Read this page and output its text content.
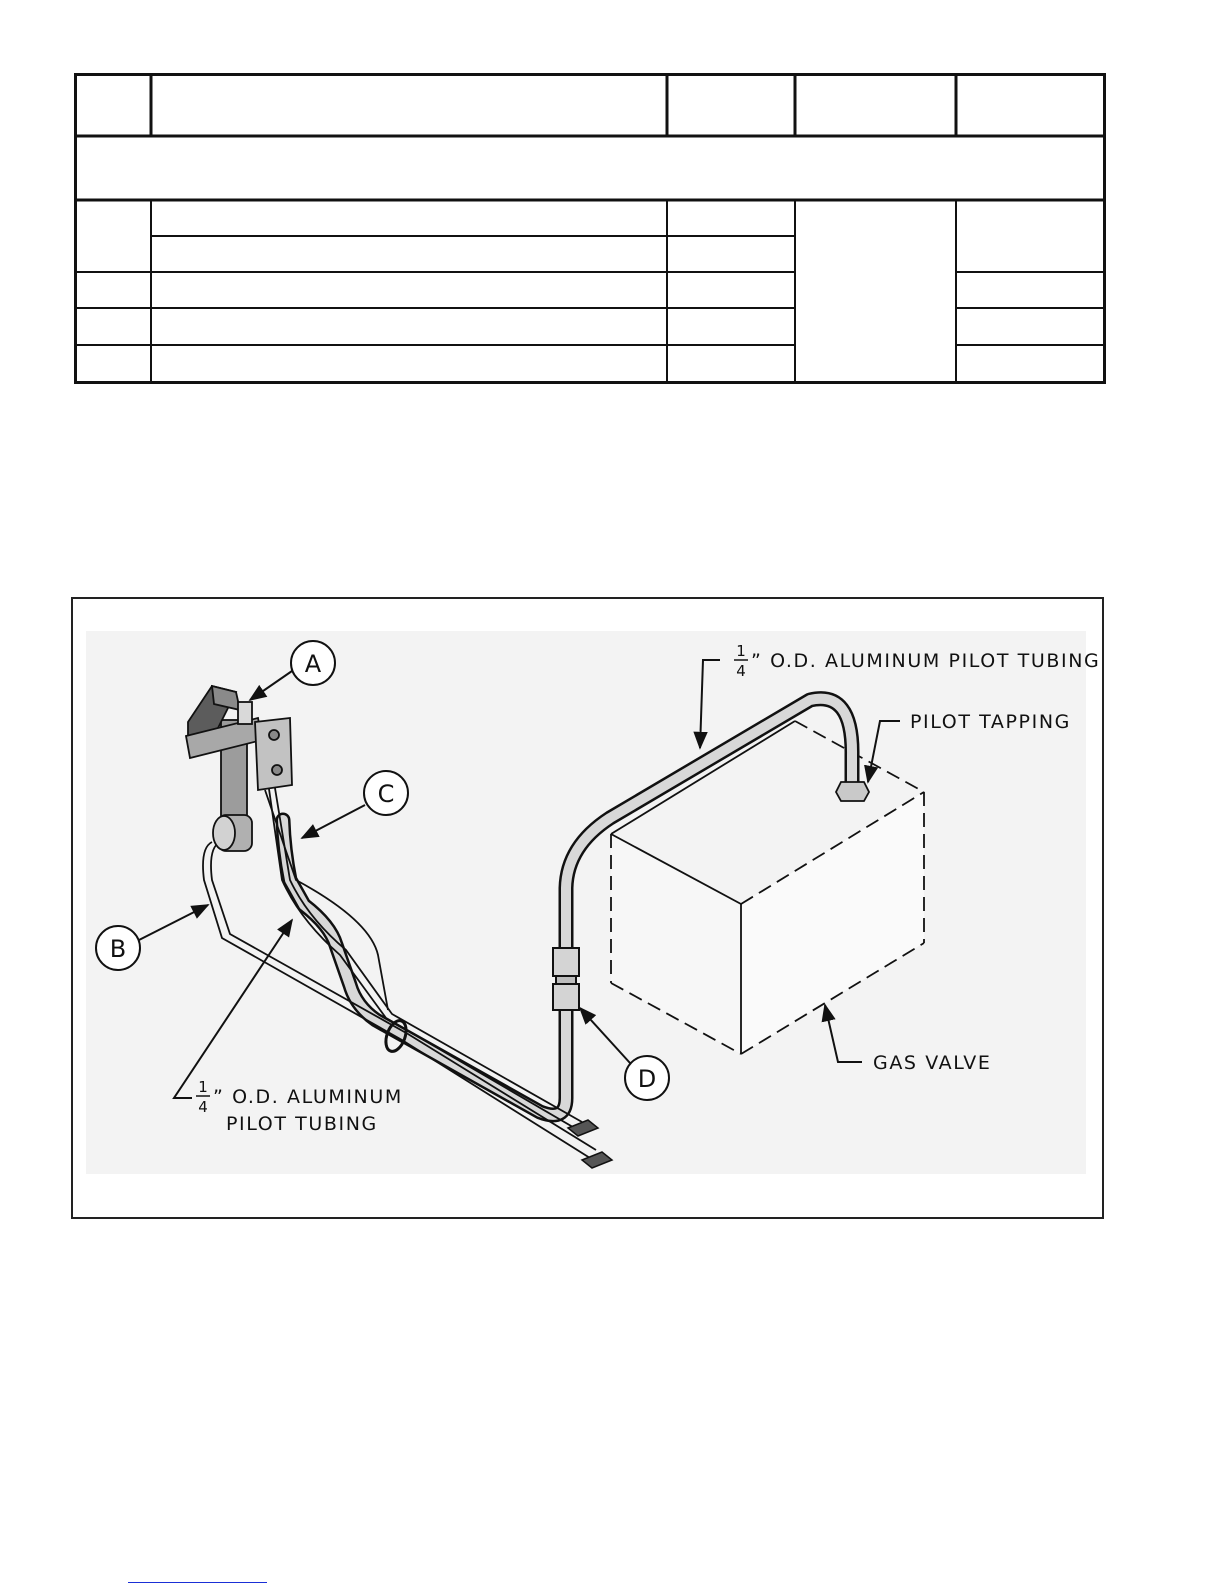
A
C
B
D
1
4 ” O.D. ALUMINUM PILOT TUBING
PILOT TAPPING
GAS VALVE
1
4 ” O.D. ALUMINUM
PILOT TUBING
